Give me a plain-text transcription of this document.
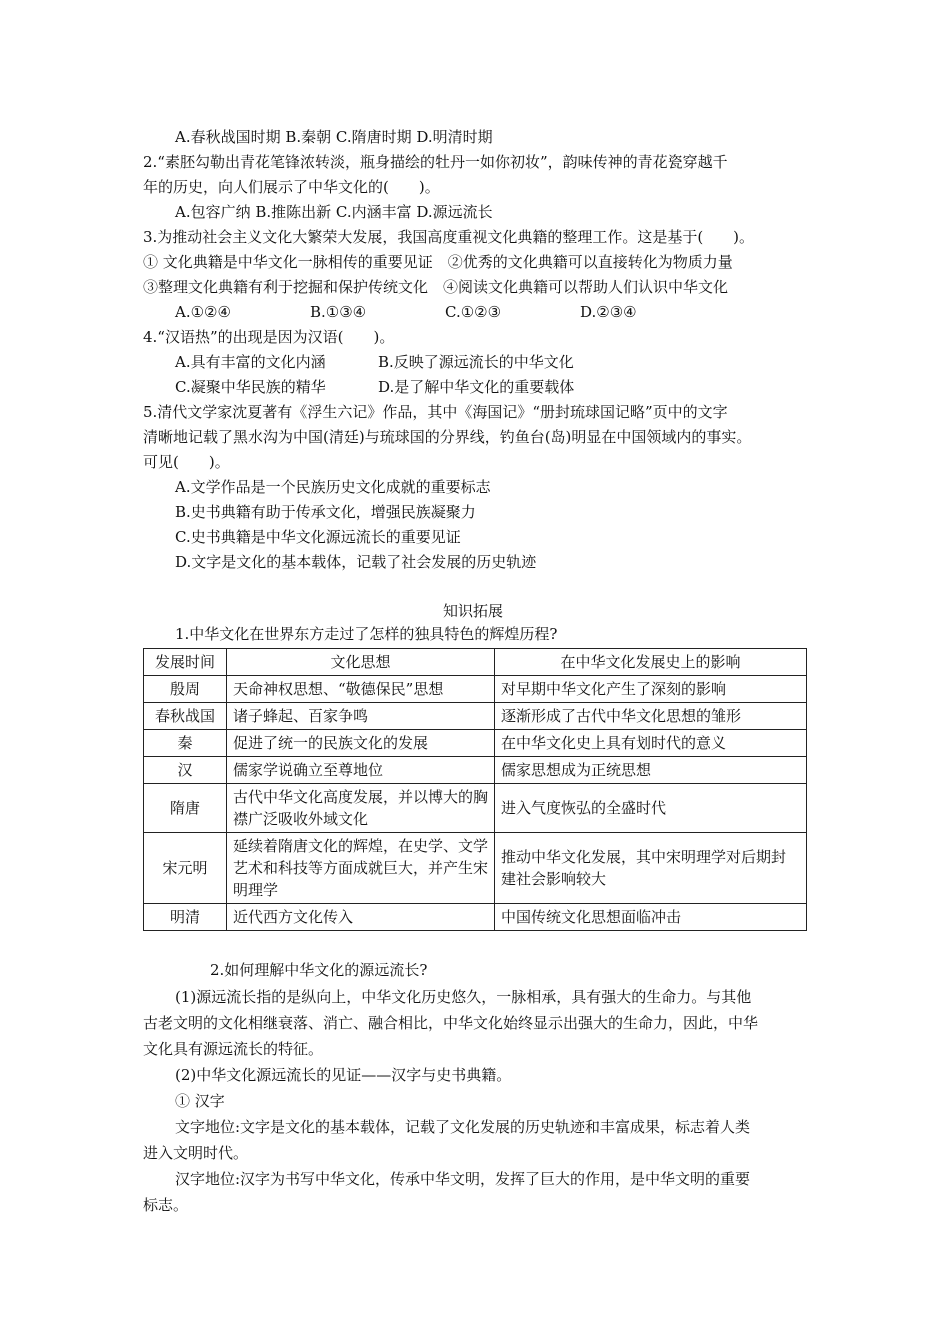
A.春秋战国时期 B.秦朝 C.隋唐时期 D.明清时期
2.“素胚勾勒出青花笔锋浓转淡，瓶身描绘的牡丹一如你初妆”，韵味传神的青花瓷穿越千
年的历史，向人们展示了中华文化的(　　)。
A.包容广纳 B.推陈出新 C.内涵丰富 D.源远流长
3.为推动社会主义文化大繁荣大发展，我国高度重视文化典籍的整理工作。这是基于(　　)。
① 文化典籍是中华文化一脉相传的重要见证　②优秀的文化典籍可以直接转化为物质力量
③整理文化典籍有利于挖掘和保护传统文化　④阅读文化典籍可以帮助人们认识中华文化
A.①②④	B.①③④	C.①②③	D.②③④
4.“汉语热”的出现是因为汉语(　　)。
A.具有丰富的文化内涵	B.反映了源远流长的中华文化
C.凝聚中华民族的精华	D.是了解中华文化的重要载体
5.清代文学家沈夏著有《浮生六记》作品，其中《海国记》“册封琉球国记略”页中的文字
清晰地记载了黑水沟为中国(清廷)与琉球国的分界线，钓鱼台(岛)明显在中国领域内的事实。
可见(　　)。
A.文学作品是一个民族历史文化成就的重要标志
B.史书典籍有助于传承文化，增强民族凝聚力
C.史书典籍是中华文化源远流长的重要见证
D.文字是文化的基本载体，记载了社会发展的历史轨迹
知识拓展
1.中华文化在世界东方走过了怎样的独具特色的辉煌历程?
发展时间	文化思想	在中华文化发展史上的影响
殷周	天命神权思想、“敬德保民”思想	对早期中华文化产生了深刻的影响
春秋战国	诸子蜂起、百家争鸣	逐渐形成了古代中华文化思想的雏形
秦	促进了统一的民族文化的发展	在中华文化史上具有划时代的意义
汉	儒家学说确立至尊地位	儒家思想成为正统思想
隋唐	古代中华文化高度发展，并以博大的胸襟广泛吸收外域文化	进入气度恢弘的全盛时代
宋元明	延续着隋唐文化的辉煌，在史学、文学艺术和科技等方面成就巨大，并产生宋明理学	推动中华文化发展，其中宋明理学对后期封建社会影响较大
明清	近代西方文化传入	中国传统文化思想面临冲击
2.如何理解中华文化的源远流长?
(1)源远流长指的是纵向上，中华文化历史悠久，一脉相承，具有强大的生命力。与其他
古老文明的文化相继衰落、消亡、融合相比，中华文化始终显示出强大的生命力，因此，中华
文化具有源远流长的特征。
(2)中华文化源远流长的见证——汉字与史书典籍。
① 汉字
文字地位:文字是文化的基本载体，记载了文化发展的历史轨迹和丰富成果，标志着人类
进入文明时代。
汉字地位:汉字为书写中华文化，传承中华文明，发挥了巨大的作用，是中华文明的重要
标志。
